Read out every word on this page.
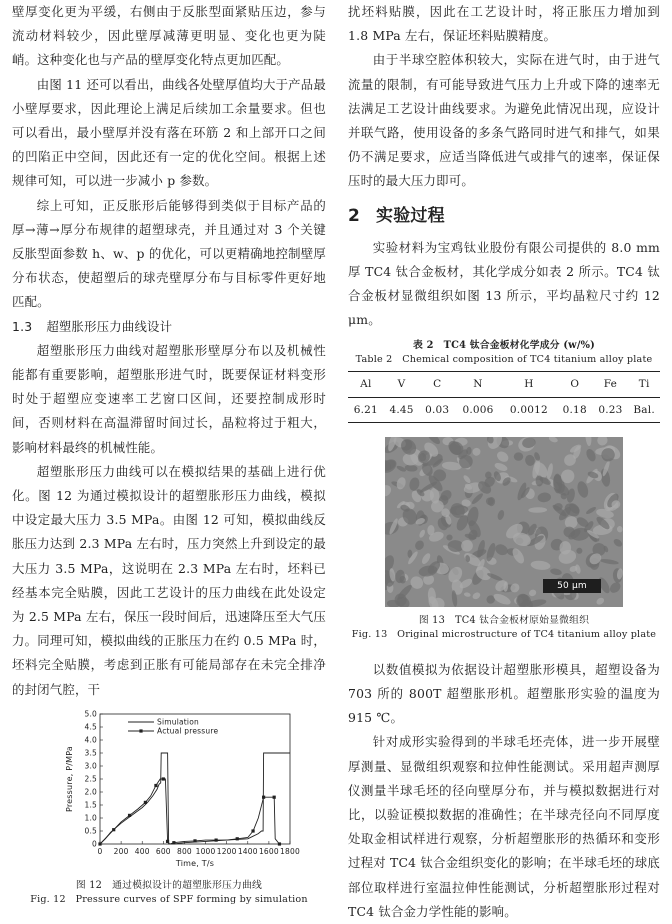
壁厚变化更为平缓，右侧由于反胀型面紧贴压边，参与流动材料较少，因此壁厚减薄更明显、变化也更为陡峭。这种变化也与产品的壁厚变化特点更加匹配。

由图 11 还可以看出，曲线各处壁厚值均大于产品最小壁厚要求，因此理论上满足后续加工余量要求。但也可以看出，最小壁厚并没有落在环筋 2 和上部开口之间的凹陷正中空间，因此还有一定的优化空间。根据上述规律可知，可以进一步减小 p 参数。

综上可知，正反胀形后能够得到类似于目标产品的厚→薄→厚分布规律的超塑球壳，并且通过对 3 个关键反胀型面参数 h、w、p 的优化，可以更精确地控制壁厚分布状态，使超塑后的球壳壁厚分布与目标零件更好地匹配。

1.3 超塑胀形压力曲线设计

超塑胀形压力曲线对超塑胀形壁厚分布以及机械性能都有重要影响，超塑胀形进气时，既要保证材料变形时处于超塑应变速率工艺窗口区间，还要控制成形时间，否则材料在高温滞留时间过长，晶粒将过于粗大，影响材料最终的机械性能。

超塑胀形压力曲线可以在模拟结果的基础上进行优化。图 12 为通过模拟设计的超塑胀形压力曲线，模拟中设定最大压力 3.5 MPa。由图 12 可知，模拟曲线反胀压力达到 2.3 MPa 左右时，压力突然上升到设定的最大压力 3.5 MPa，这说明在 2.3 MPa 左右时，坯料已经基本完全贴膜，因此工艺设计的压力曲线在此处设定为 2.5 MPa 左右，保压一段时间后，迅速降压至大气压力。同理可知，模拟曲线的正胀压力在约 0.5 MPa 时，坯料完全贴膜，考虑到正胀有可能局部存在未完全排净的封闭气腔，干

0 200 400 600 800 1000 1200 1400 1600 1800
0
0.5
1.0
1.5
2.0
2.5
3.0
3.5
4.0
4.5
5.0
Time, T/s
Pressure, P/MPa
Simulation
Actual pressure

图 12　通过模拟设计的超塑胀形压力曲线

Fig. 12　Pressure curves of SPF forming by simulation

扰坯料贴膜，因此在工艺设计时，将正胀压力增加到 1.8 MPa 左右，保证坯料贴膜精度。

由于半球空腔体积较大，实际在进气时，由于进气流量的限制，有可能导致进气压力上升或下降的速率无法满足工艺设计曲线要求。为避免此情况出现，应设计并联气路，使用设备的多条气路同时进气和排气，如果仍不满足要求，应适当降低进气或排气的速率，保证保压时的最大压力即可。

2 实验过程

实验材料为宝鸡钛业股份有限公司提供的 8.0 mm 厚 TC4 钛合金板材，其化学成分如表 2 所示。TC4 钛合金板材显微组织如图 13 所示，平均晶粒尺寸约 12 μm。

表 2　TC4 钛合金板材化学成分 (w/%)

Table 2　Chemical composition of TC4 titanium alloy plate

Al	V	C	N	H	O	Fe	Ti
6.21	4.45	0.03	0.006	0.0012	0.18	0.23	Bal.
50 μm

图 13　TC4 钛合金板材原始显微组织

Fig. 13　Original microstructure of TC4 titanium alloy plate

以数值模拟为依据设计超塑胀形模具，超塑设备为 703 所的 800T 超塑胀形机。超塑胀形实验的温度为 915 ℃。

针对成形实验得到的半球毛坯壳体，进一步开展壁厚测量、显微组织观察和拉伸性能测试。采用超声测厚仪测量半球毛坯的径向壁厚分布，并与模拟数据进行对比，以验证模拟数据的准确性；在半球壳径向不同厚度处取金相试样进行观察，分析超塑胀形的热循环和变形过程对 TC4 钛合金组织变化的影响；在半球毛坯的球底部位取样进行室温拉伸性能测试，分析超塑胀形过程对 TC4 钛合金力学性能的影响。
